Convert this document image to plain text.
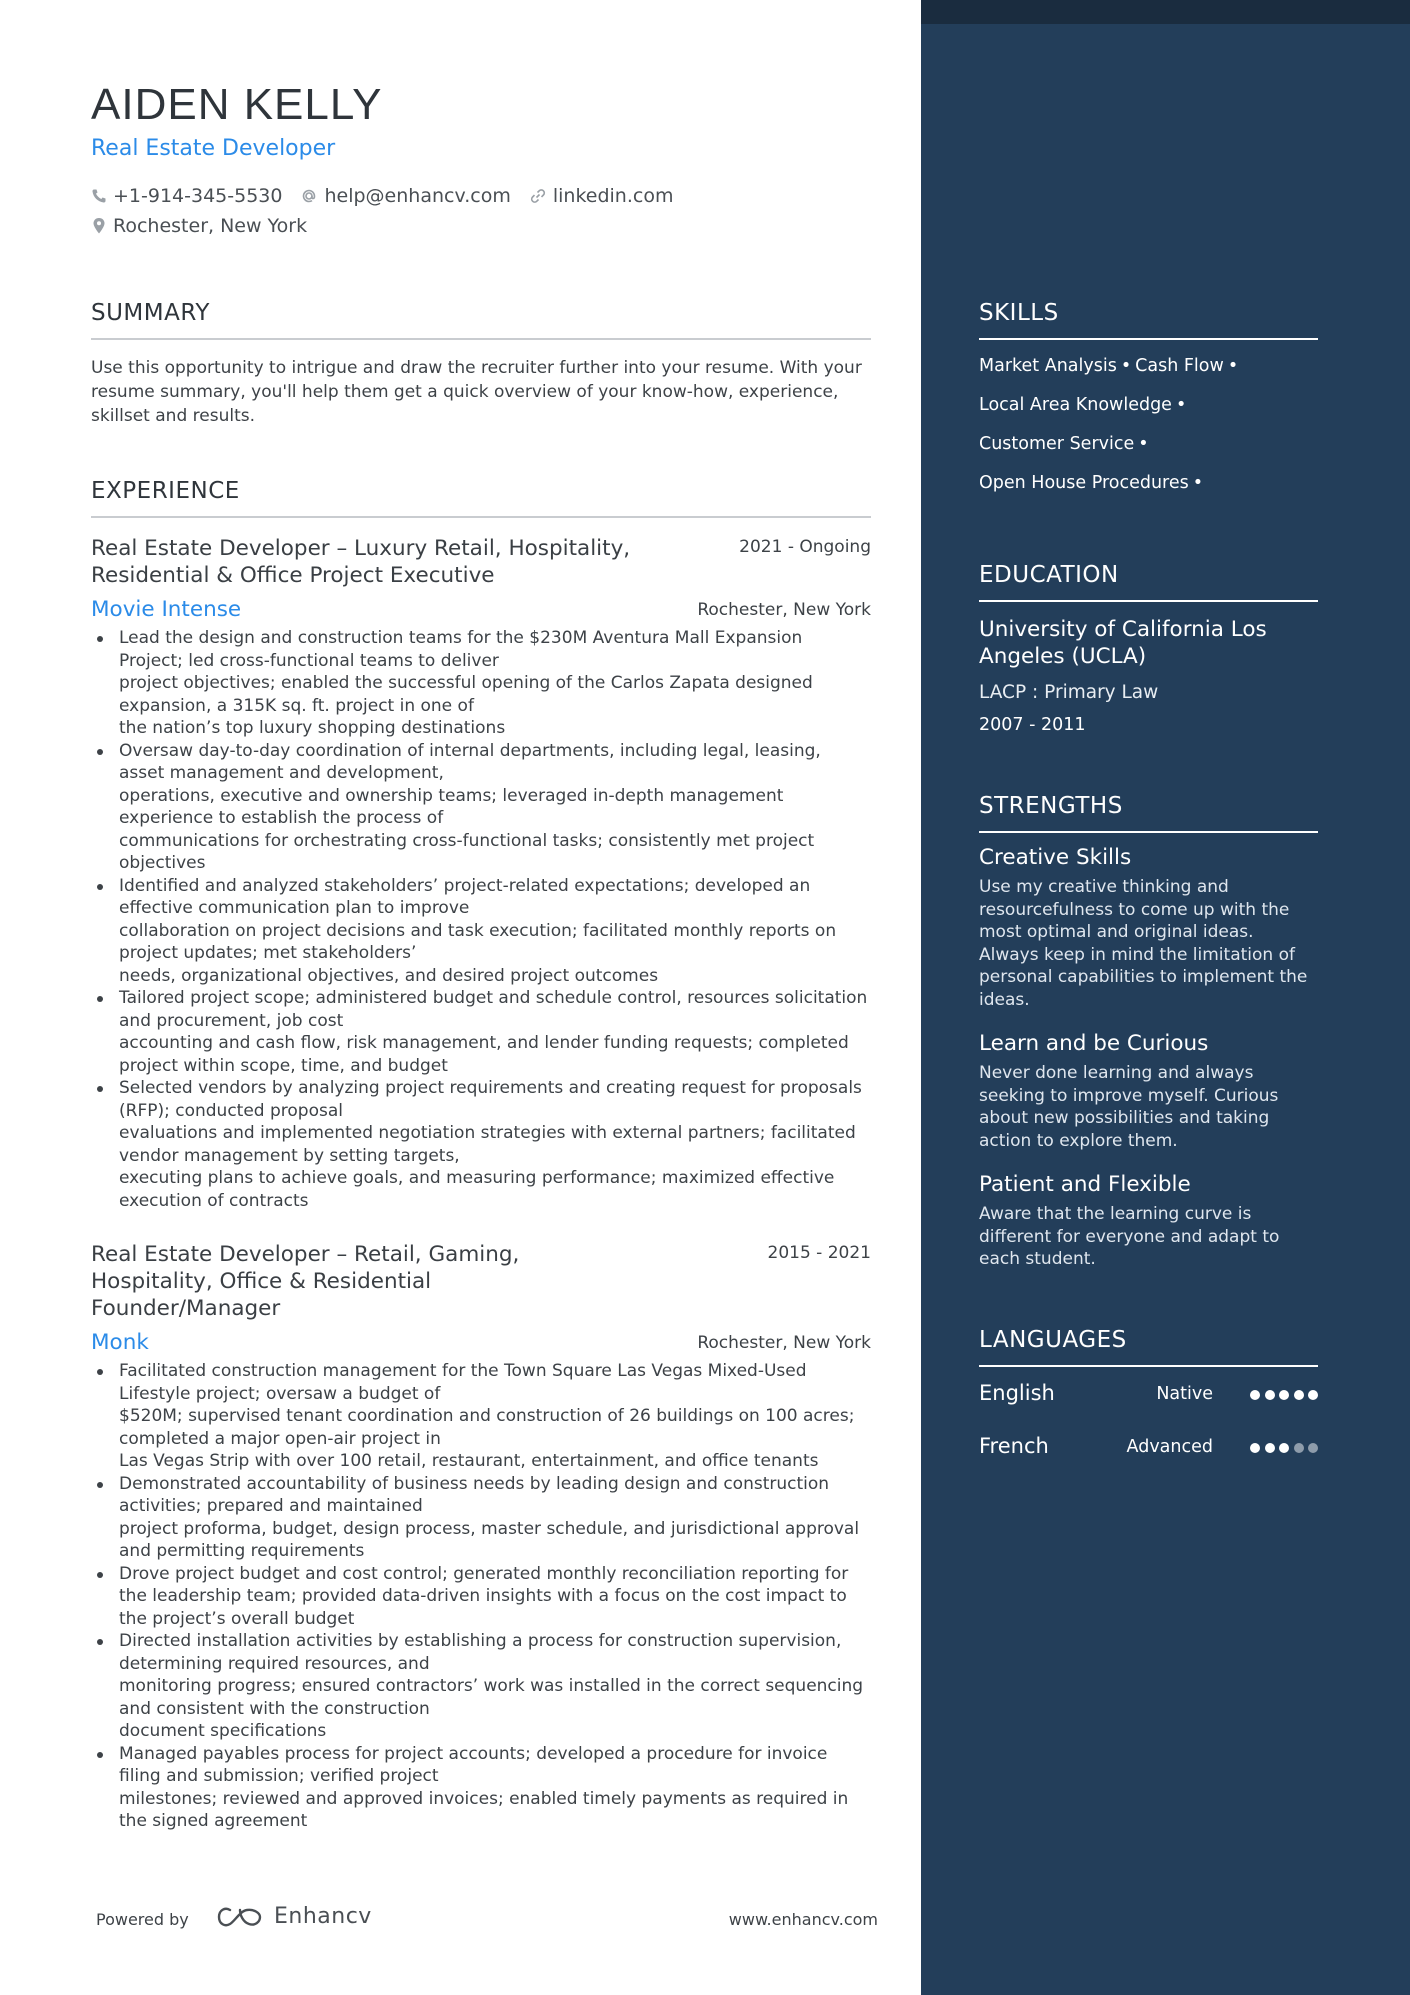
AIDEN KELLY
Real Estate Developer
+1-914-345-5530 help@enhancv.com linkedin.com
Rochester, New York
SUMMARY
Use this opportunity to intrigue and draw the recruiter further into your resume. With your resume summary, you'll help them get a quick overview of your know-how, experience, skillset and results.
EXPERIENCE
Real Estate Developer – Luxury Retail, Hospitality, Residential & Office Project Executive
2021 - Ongoing
Movie Intense	Rochester, New York
Lead the design and construction teams for the $230M Aventura Mall Expansion Project; led cross-functional teams to deliver
project objectives; enabled the successful opening of the Carlos Zapata designed expansion, a 315K sq. ft. project in one of
the nation’s top luxury shopping destinations
Oversaw day-to-day coordination of internal departments, including legal, leasing, asset management and development,
operations, executive and ownership teams; leveraged in-depth management experience to establish the process of
communications for orchestrating cross-functional tasks; consistently met project objectives
Identified and analyzed stakeholders’ project-related expectations; developed an effective communication plan to improve
collaboration on project decisions and task execution; facilitated monthly reports on project updates; met stakeholders’
needs, organizational objectives, and desired project outcomes
Tailored project scope; administered budget and schedule control, resources solicitation and procurement, job cost
accounting and cash flow, risk management, and lender funding requests; completed project within scope, time, and budget
Selected vendors by analyzing project requirements and creating request for proposals (RFP); conducted proposal
evaluations and implemented negotiation strategies with external partners; facilitated vendor management by setting targets,
executing plans to achieve goals, and measuring performance; maximized effective execution of contracts
Real Estate Developer – Retail, Gaming, Hospitality, Office & Residential Founder/Manager
2015 - 2021
Monk	Rochester, New York
Facilitated construction management for the Town Square Las Vegas Mixed-Used Lifestyle project; oversaw a budget of
$520M; supervised tenant coordination and construction of 26 buildings on 100 acres; completed a major open-air project in
Las Vegas Strip with over 100 retail, restaurant, entertainment, and office tenants
Demonstrated accountability of business needs by leading design and construction activities; prepared and maintained
project proforma, budget, design process, master schedule, and jurisdictional approval and permitting requirements
Drove project budget and cost control; generated monthly reconciliation reporting for the leadership team; provided data-driven insights with a focus on the cost impact to the project’s overall budget
Directed installation activities by establishing a process for construction supervision, determining required resources, and
monitoring progress; ensured contractors’ work was installed in the correct sequencing and consistent with the construction
document specifications
Managed payables process for project accounts; developed a procedure for invoice filing and submission; verified project
milestones; reviewed and approved invoices; enabled timely payments as required in the signed agreement
SKILLS
Market Analysis • Cash Flow •
Local Area Knowledge •
Customer Service •
Open House Procedures •
EDUCATION
University of California Los Angeles (UCLA)
LACP : Primary Law
2007 - 2011
STRENGTHS
Creative Skills
Use my creative thinking and resourcefulness to come up with the most optimal and original ideas. Always keep in mind the limitation of personal capabilities to implement the ideas.
Learn and be Curious
Never done learning and always seeking to improve myself. Curious about new possibilities and taking action to explore them.
Patient and Flexible
Aware that the learning curve is different for everyone and adapt to each student.
LANGUAGES
English	Native
French	Advanced
Powered by	Enhancv	www.enhancv.com
